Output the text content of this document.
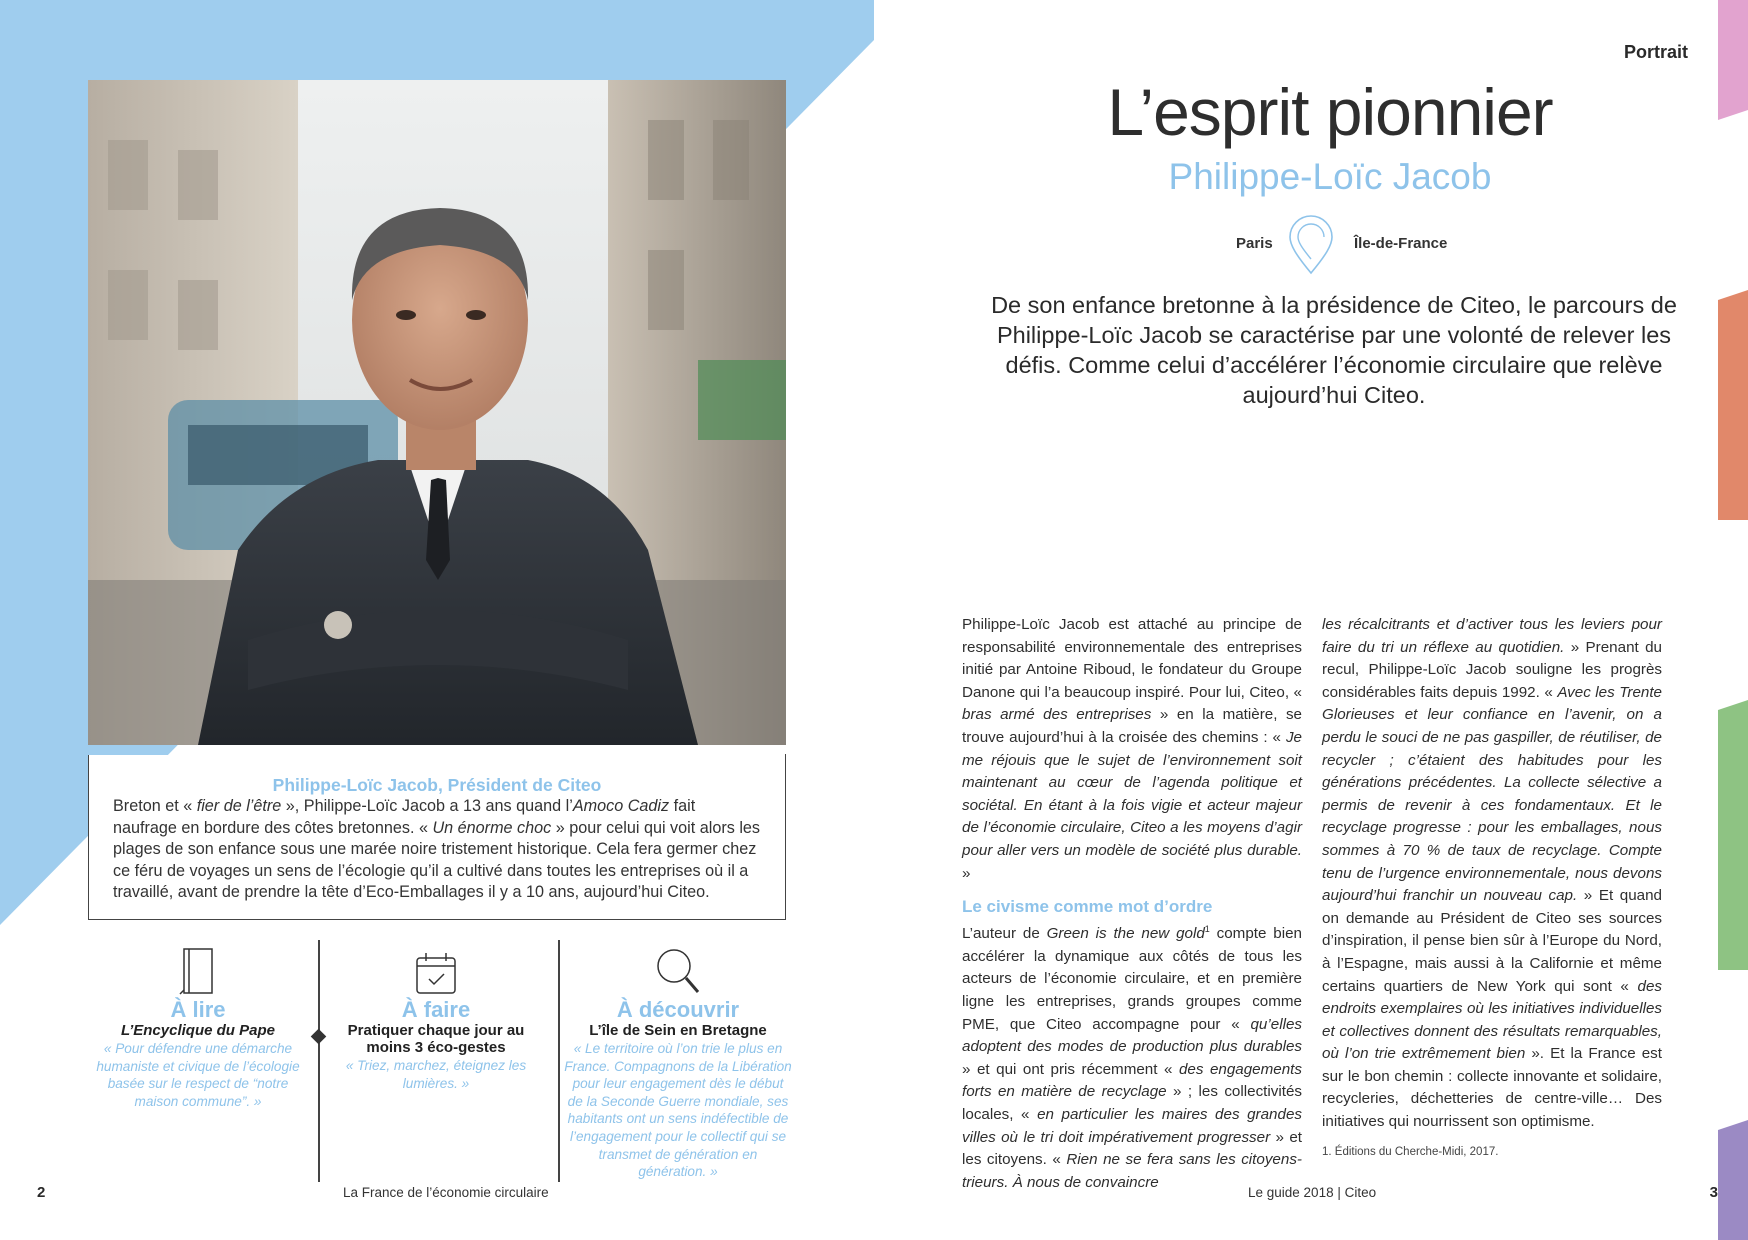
Philippe-Loïc Jacob, Président de Citeo
Breton et « fier de l’être », Philippe-Loïc Jacob a 13 ans quand l’Amoco Cadiz fait naufrage en bordure des côtes bretonnes. « Un énorme choc » pour celui qui voit alors les plages de son enfance sous une marée noire tristement historique. Cela fera germer chez ce féru de voyages un sens de l’écologie qu’il a cultivé dans toutes les entreprises où il a travaillé, avant de prendre la tête d’Eco-Emballages il y a 10 ans, aujourd’hui Citeo.
À lire
L’Encyclique du Pape
« Pour défendre une démarche humaniste et civique de l’écologie basée sur le respect de “notre maison commune”. »
À faire
Pratiquer chaque jour au moins 3 éco-gestes
« Triez, marchez, éteignez les lumières. »
À découvrir
L’île de Sein en Bretagne
« Le territoire où l’on trie le plus en France. Compagnons de la Libération pour leur engagement dès le début de la Seconde Guerre mondiale, ses habitants ont un sens indéfectible de l’engagement pour le collectif qui se transmet de génération en génération. »
2	La France de l’économie circulaire
Portrait
L’esprit pionnier
Philippe-Loïc Jacob
Paris	Île-de-France
De son enfance bretonne à la présidence de Citeo, le parcours de Philippe-Loïc Jacob se caractérise par une volonté de relever les défis. Comme celui d’accélérer l’économie circulaire que relève aujourd’hui Citeo.

Philippe-Loïc Jacob est attaché au principe de responsabilité environnementale des entreprises initié par Antoine Riboud, le fondateur du Groupe Danone qui l’a beaucoup inspiré. Pour lui, Citeo, « bras armé des entreprises » en la matière, se trouve aujourd’hui à la croisée des chemins : « Je me réjouis que le sujet de l’environnement soit maintenant au cœur de l’agenda politique et sociétal. En étant à la fois vigie et acteur majeur de l’économie circulaire, Citeo a les moyens d’agir pour aller vers un modèle de société plus durable. »

Le civisme comme mot d’ordre

L’auteur de Green is the new gold$^1$ compte bien accélérer la dynamique aux côtés de tous les acteurs de l’économie circulaire, et en première ligne les entreprises, grands groupes comme PME, que Citeo accompagne pour « qu’elles adoptent des modes de production plus durables » et qui ont pris récemment « des engagements forts en matière de recyclage » ; les collectivités locales, « en particulier les maires des grandes villes où le tri doit impérativement progresser » et les citoyens. « Rien ne se fera sans les citoyens-trieurs. À nous de convaincre

les récalcitrants et d’activer tous les leviers pour faire du tri un réflexe au quotidien. » Prenant du recul, Philippe-Loïc Jacob souligne les progrès considérables faits depuis 1992. « Avec les Trente Glorieuses et leur confiance en l’avenir, on a perdu le souci de ne pas gaspiller, de réutiliser, de recycler ; c’étaient des habitudes pour les générations précédentes. La collecte sélective a permis de revenir à ces fondamentaux. Et le recyclage progresse : pour les emballages, nous sommes à 70 % de taux de recyclage. Compte tenu de l’urgence environnementale, nous devons aujourd’hui franchir un nouveau cap. » Et quand on demande au Président de Citeo ses sources d’inspiration, il pense bien sûr à l’Europe du Nord, à l’Espagne, mais aussi à la Californie et même certains quartiers de New York qui sont « des endroits exemplaires où les initiatives individuelles et collectives donnent des résultats remarquables, où l’on trie extrêmement bien ». Et la France est sur le bon chemin : collecte innovante et solidaire, recycleries, déchetteries de centre-ville… Des initiatives qui nourrissent son optimisme.

1. Éditions du Cherche-Midi, 2017.
Le guide 2018 | Citeo	3
